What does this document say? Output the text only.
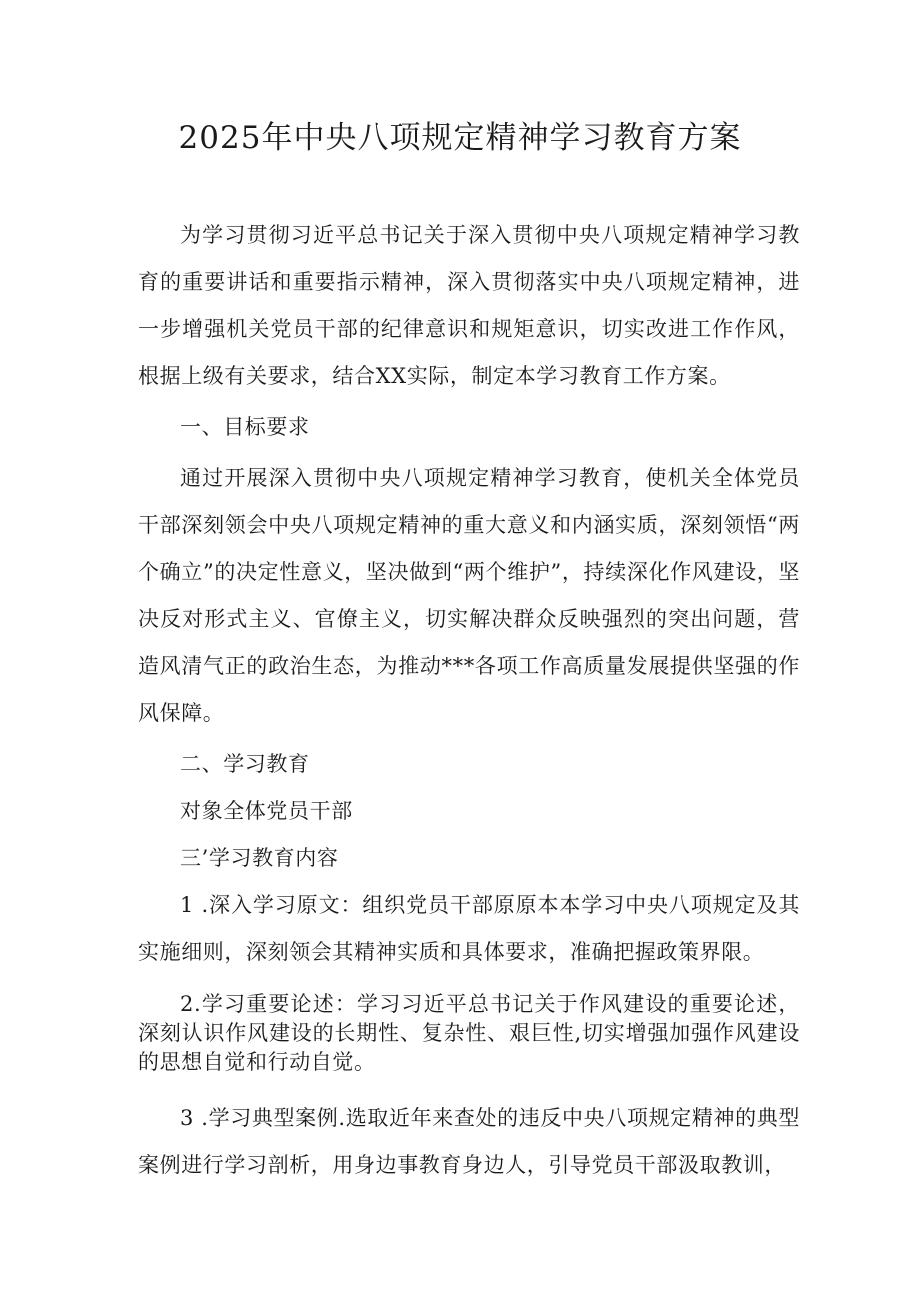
2025年中央八项规定精神学习教育方案

为学习贯彻习近平总书记关于深入贯彻中央八项规定精神学习教育的重要讲话和重要指示精神，深入贯彻落实中央八项规定精神，进一步增强机关党员干部的纪律意识和规矩意识，切实改进工作作风，根据上级有关要求，结合XX实际，制定本学习教育工作方案。

一、目标要求

通过开展深入贯彻中央八项规定精神学习教育，使机关全体党员干部深刻领会中央八项规定精神的重大意义和内涵实质，深刻领悟“两个确立”的决定性意义，坚决做到“两个维护”，持续深化作风建设，坚决反对形式主义、官僚主义，切实解决群众反映强烈的突出问题，营造风清气正的政治生态，为推动***各项工作高质量发展提供坚强的作风保障。

二、学习教育

对象全体党员干部

三’学习教育内容

1 .深入学习原文：组织党员干部原原本本学习中央八项规定及其实施细则，深刻领会其精神实质和具体要求，准确把握政策界限。

2.学习重要论述：学习习近平总书记关于作风建设的重要论述，深刻认识作风建设的长期性、复杂性、艰巨性,切实增强加强作风建设的思想自觉和行动自觉。

3 .学习典型案例.选取近年来查处的违反中央八项规定精神的典型案例进行学习剖析，用身边事教育身边人，引导党员干部汲取教训，
